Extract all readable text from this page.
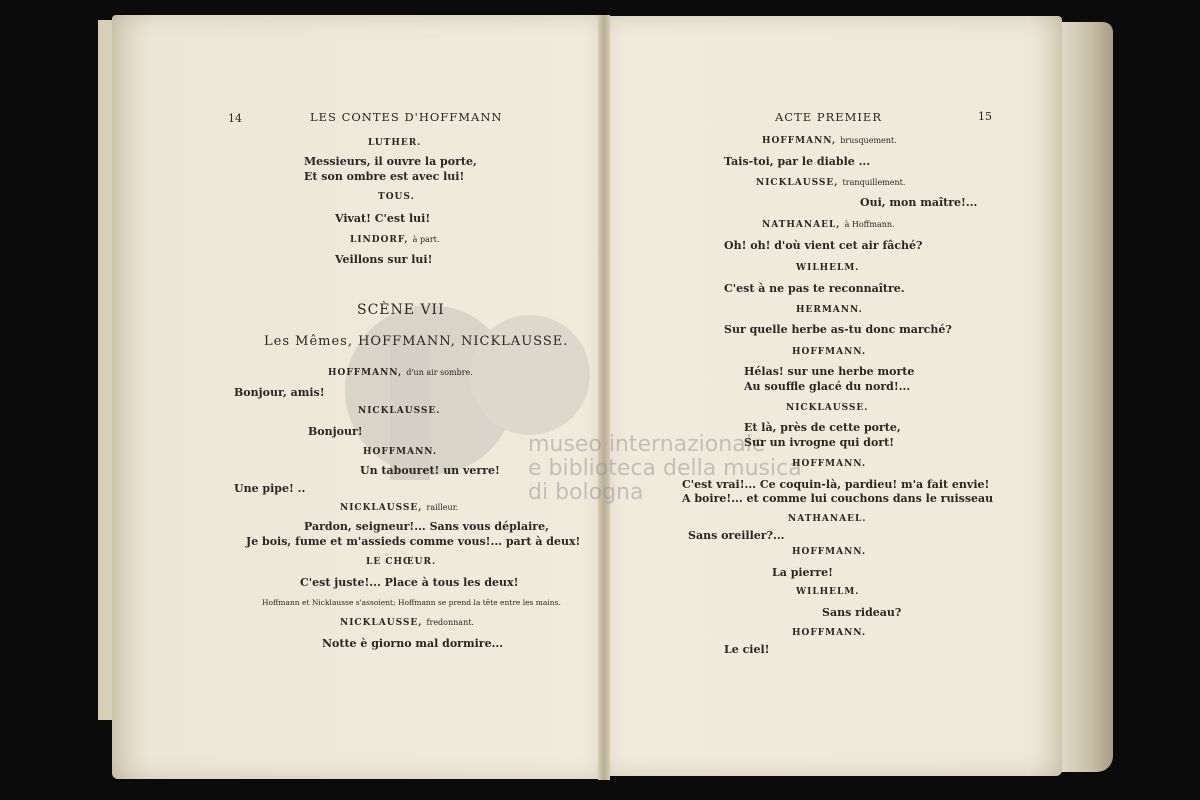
museo internazionale
e biblioteca della musica
di bologna
14	LES CONTES D'HOFFMANN
LUTHER.
Messieurs, il ouvre la porte,
Et son ombre est avec lui!
TOUS.
Vivat! C'est lui!
LINDORF, à part.
Veillons sur lui!
SCÈNE VII
Les Mêmes, HOFFMANN, NICKLAUSSE.
HOFFMANN, d'un air sombre.
Bonjour, amis!
NICKLAUSSE.
Bonjour!
HOFFMANN.
Un tabouret! un verre!
Une pipe! ..
NICKLAUSSE, railleur.
Pardon, seigneur!... Sans vous déplaire,
Je bois, fume et m'assieds comme vous!... part à deux!
LE CHŒUR.
C'est juste!... Place à tous les deux!
Hoffmann et Nicklausse s'assoient; Hoffmann se prend la tête entre les mains.
NICKLAUSSE, fredonnant.
Notte è giorno mal dormire...
ACTE PREMIER	15
HOFFMANN, brusquement.
Tais-toi, par le diable ...
NICKLAUSSE, tranquillement.
Oui, mon maître!...
NATHANAEL, à Hoffmann.
Oh! oh! d'où vient cet air fâché?
WILHELM.
C'est à ne pas te reconnaître.
HERMANN.
Sur quelle herbe as-tu donc marché?
HOFFMANN.
Hélas! sur une herbe morte
Au souffle glacé du nord!...
NICKLAUSSE.
Et là, près de cette porte,
Sur un ivrogne qui dort!
HOFFMANN.
C'est vrai!... Ce coquin-là, pardieu! m'a fait envie!
A boire!... et comme lui couchons dans le ruisseau
NATHANAEL.
Sans oreiller?...
HOFFMANN.
La pierre!
WILHELM.
Sans rideau?
HOFFMANN.
Le ciel!
